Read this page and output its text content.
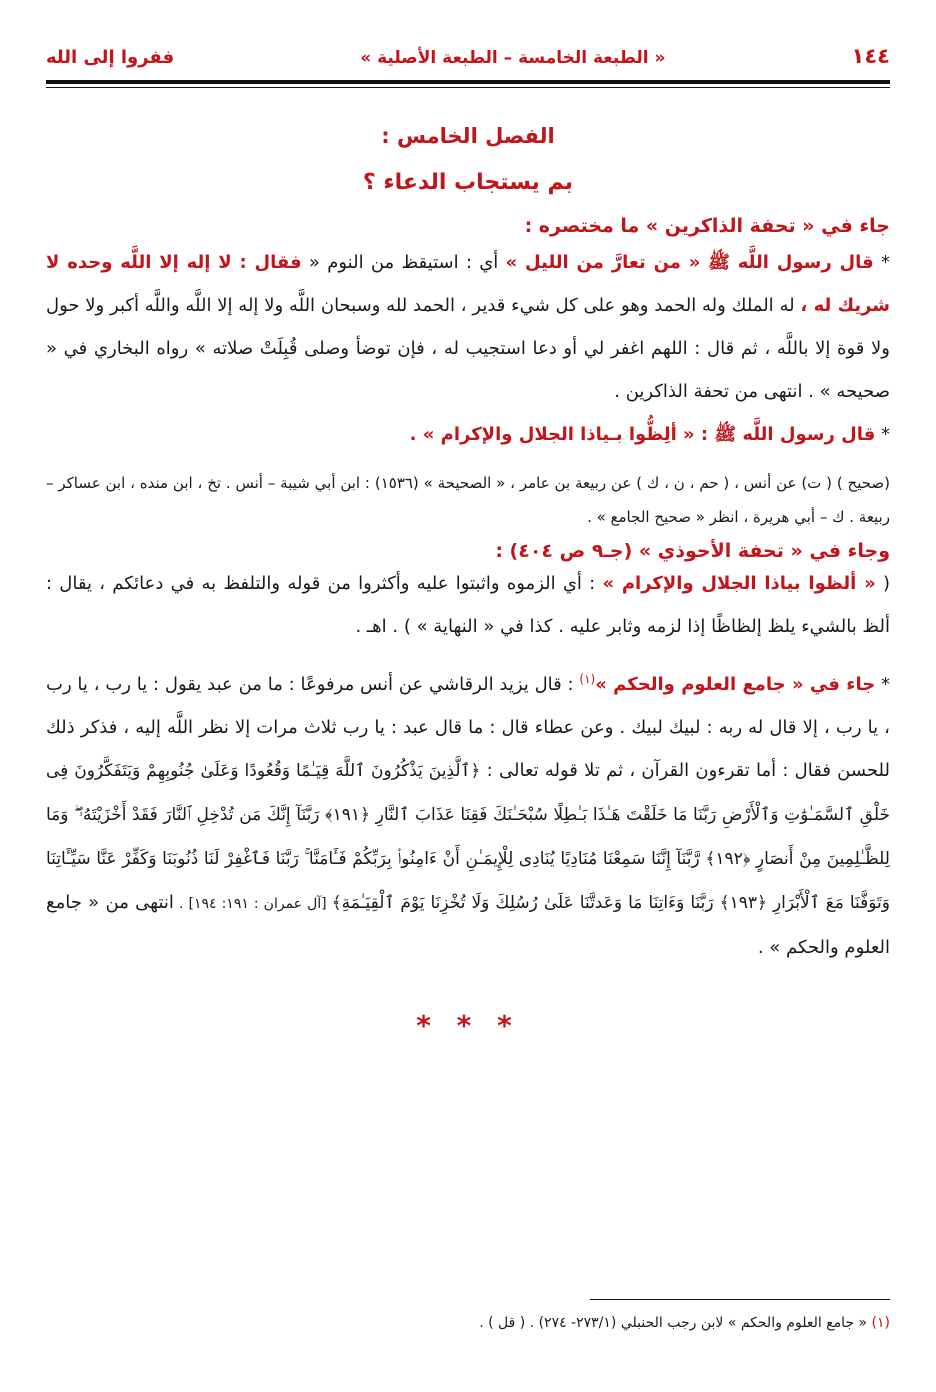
١٤٤
« الطبعة الخامسة – الطبعة الأصلية »
ففروا إلى الله
الفصل الخامس :
بم يستجاب الدعاء ؟
جاء في « تحفة الذاكرين » ما مختصره :

* قال رسول اللَّه ﷺ « من تعارَّ من الليل » أي : استيقظ من النوم « فقال : لا إله إلا اللَّه وحده لا شريك له ، له الملك وله الحمد وهو على كل شيء قدير ، الحمد لله وسبحان اللَّه ولا إله إلا اللَّه واللَّه أكبر ولا حول ولا قوة إلا باللَّه ، ثم قال : اللهم اغفر لي أو دعا استجيب له ، فإن توضأ وصلى قُبِلَتْ صلاته » رواه البخاري في « صحيحه » . انتهى من تحفة الذاكرين .

* قال رسول اللَّه ﷺ : « ألِظُّوا بـياذا الجلال والإكرام » .

(صحيح ) ( ت) عن أنس ، ( حم ، ن ، ك ) عن ربيعة بن عامر ، « الصحيحة » (١٥٣٦) : ابن أبي شيبة – أنس . تخ ، ابن منده ، ابن عساكر – ربيعة . ك – أبي هريرة ، انظر « صحيح الجامع » .

وجاء في « تحفة الأحوذي » (جـ٩ ص ٤٠٤) :

( « ألظوا بياذا الجلال والإكرام » : أي الزموه واثبتوا عليه وأكثروا من قوله والتلفظ به في دعائكم ، يقال : ألظ بالشيء يلظ إلظاظًا إذا لزمه وثابر عليه . كذا في « النهاية » ) . اهـ .

* جاء في « جامع العلوم والحكم »$^{(١)}$ : قال يزيد الرقاشي عن أنس مرفوعًا : ما من عبد يقول : يا رب ، يا رب ، يا رب ، إلا قال له ربه : لبيك لبيك . وعن عطاء قال : ما قال عبد : يا رب ثلاث مرات إلا نظر اللَّه إليه ، فذكر ذلك للحسن فقال : أما تقرءون القرآن ، ثم تلا قوله تعالى : ﴿ٱلَّذِينَ يَذْكُرُونَ ٱللَّهَ قِيَـٰمًا وَقُعُودًا وَعَلَىٰ جُنُوبِهِمْ وَيَتَفَكَّرُونَ فِى خَلْقِ ٱلسَّمَـٰوَٰتِ وَٱلْأَرْضِ رَبَّنَا مَا خَلَقْتَ هَـٰذَا بَـٰطِلًا سُبْحَـٰنَكَ فَقِنَا عَذَابَ ٱلنَّارِ ﴿١٩١﴾ رَبَّنَآ إِنَّكَ مَن تُدْخِلِ ٱلنَّارَ فَقَدْ أَخْزَيْتَهُۥ ۖ وَمَا لِلظَّـٰلِمِينَ مِنْ أَنصَارٍ ﴿١٩٢﴾ رَّبَّنَآ إِنَّنَا سَمِعْنَا مُنَادِيًا يُنَادِى لِلْإِيمَـٰنِ أَنْ ءَامِنُوا۟ بِرَبِّكُمْ فَـَٔامَنَّا ۚ رَبَّنَا فَٱغْفِرْ لَنَا ذُنُوبَنَا وَكَفِّرْ عَنَّا سَيِّـَٔاتِنَا وَتَوَفَّنَا مَعَ ٱلْأَبْرَارِ ﴿١٩٣﴾ رَبَّنَا وَءَاتِنَا مَا وَعَدتَّنَا عَلَىٰ رُسُلِكَ وَلَا تُخْزِنَا يَوْمَ ٱلْقِيَـٰمَةِ﴾ [آل عمران : ١٩١: ١٩٤] . انتهى من « جامع العلوم والحكم » .

* * *
(١) « جامع العلوم والحكم » لابن رجب الحنبلي (٢٧٣/١- ٢٧٤) . ( قل ) .
